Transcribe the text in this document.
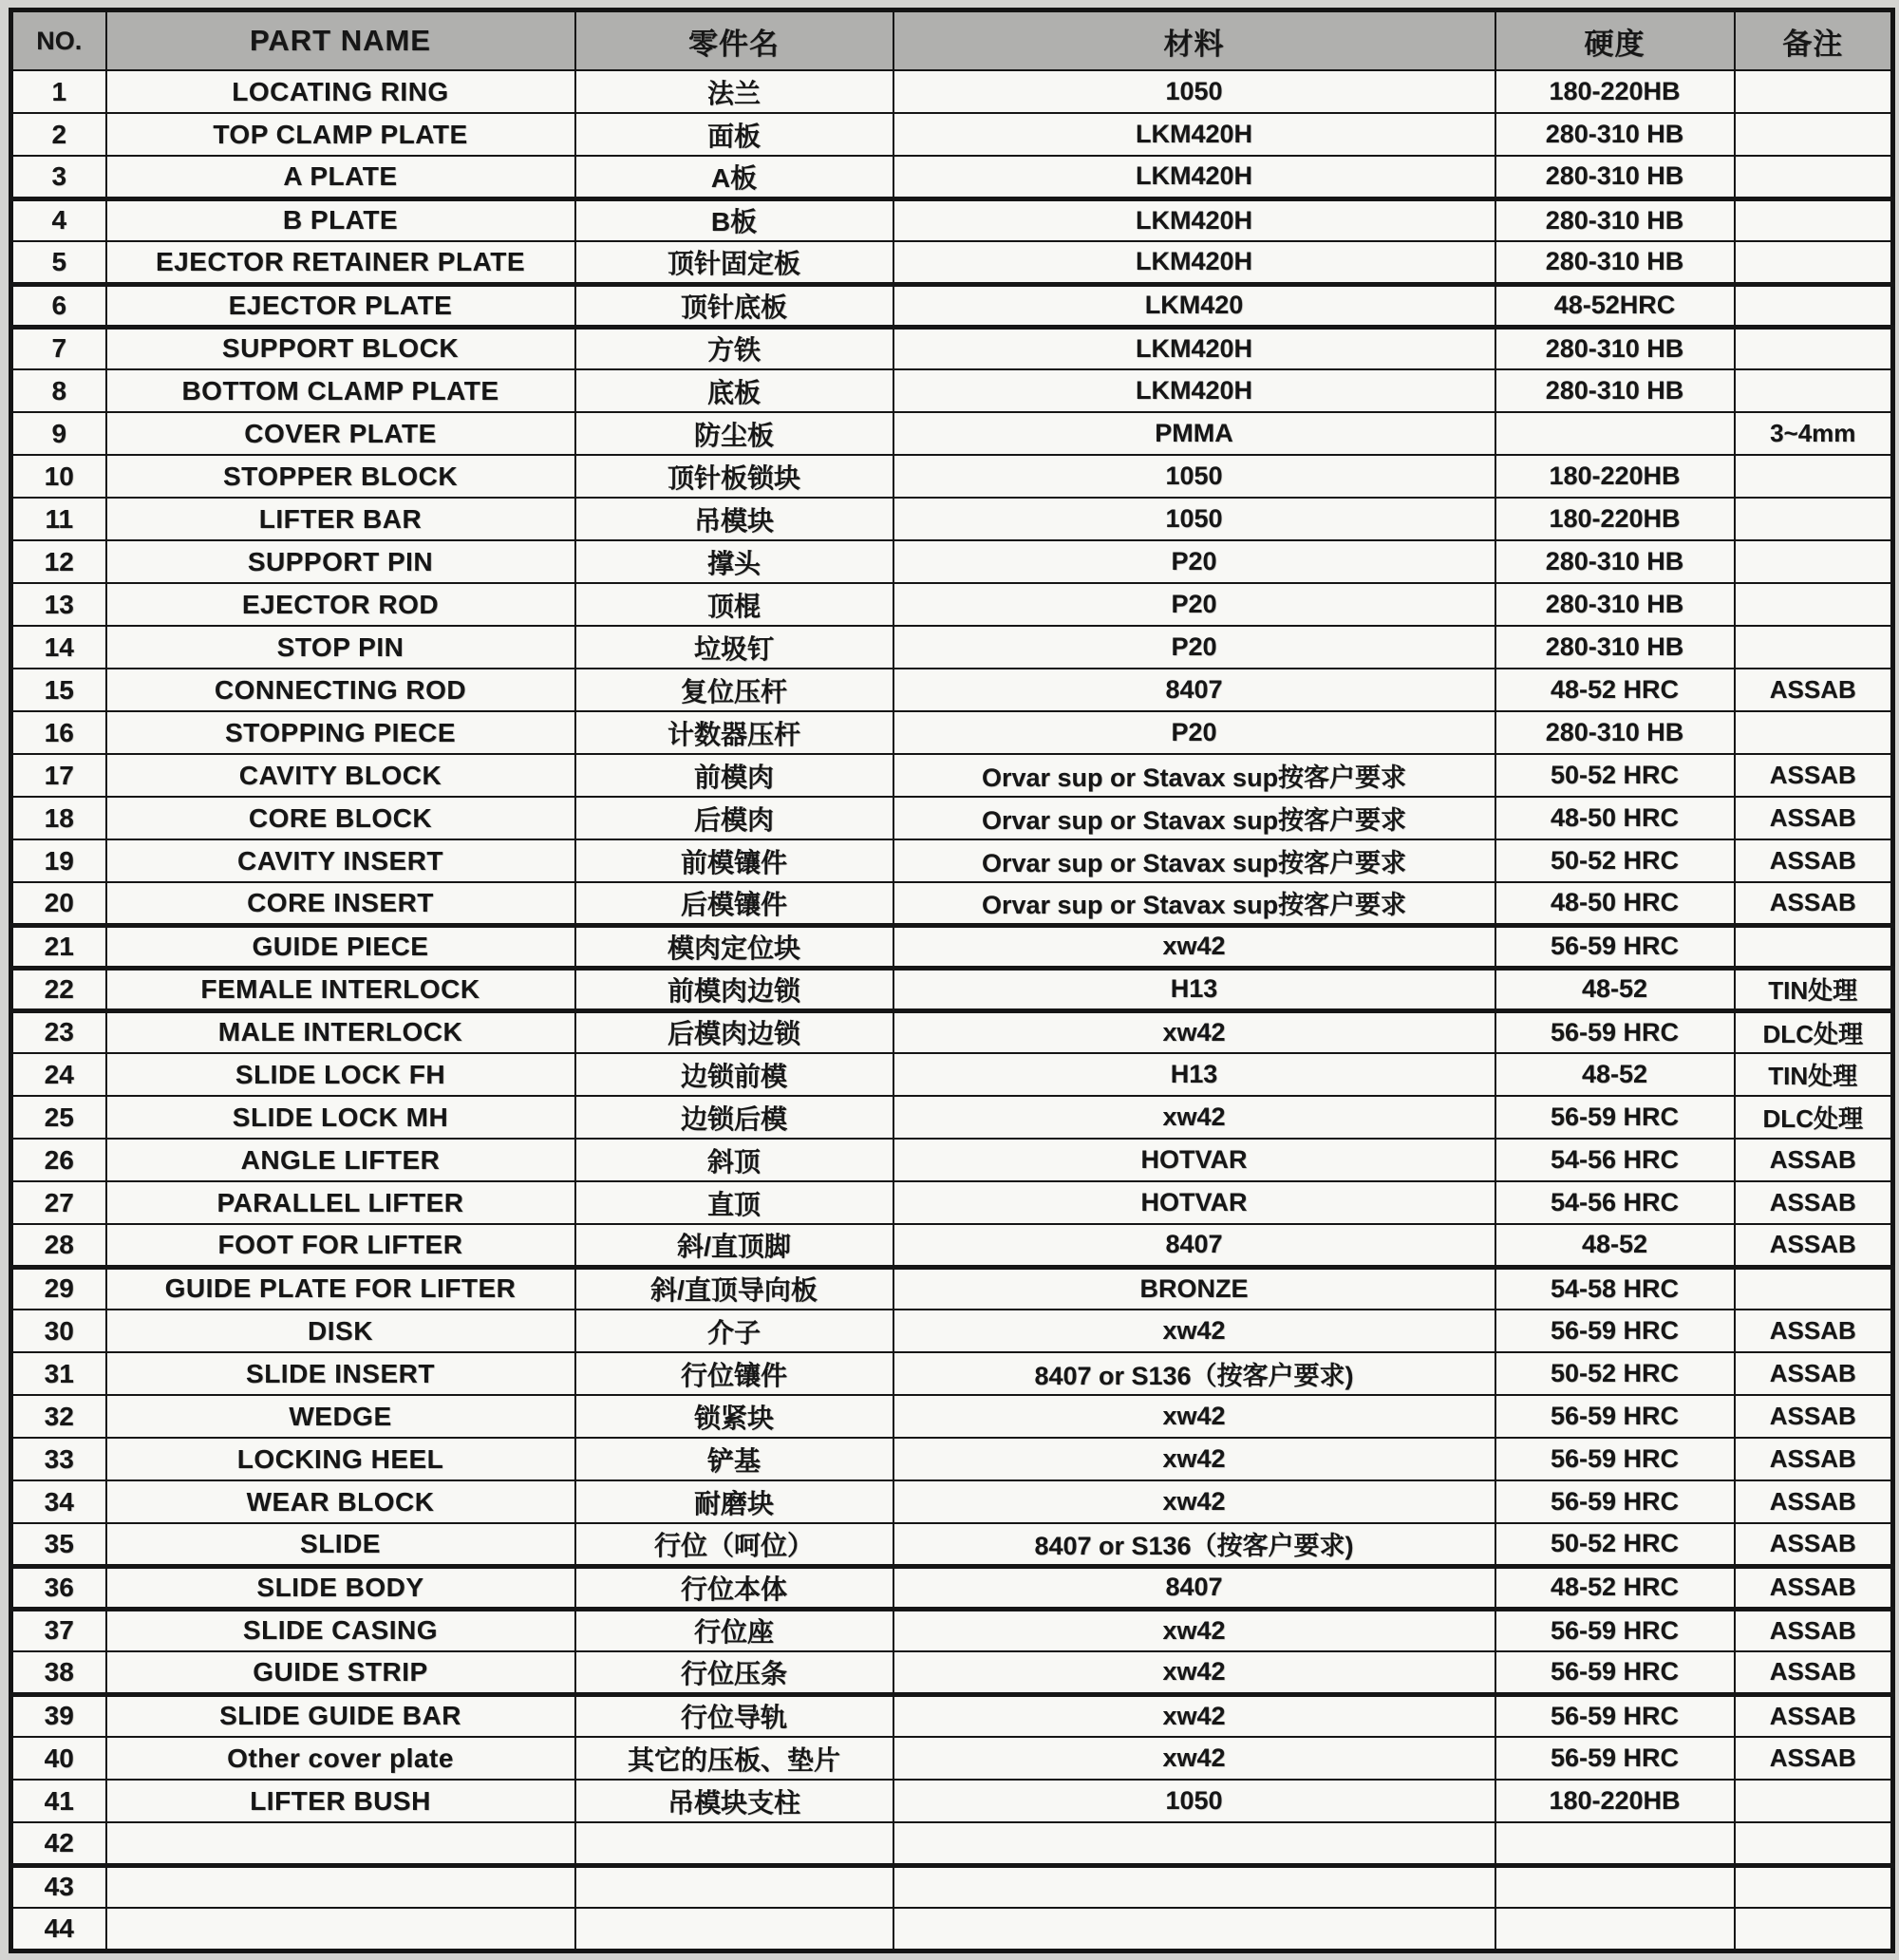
NO.	PART NAME	零件名	材料	硬度	备注
1	LOCATING RING	法兰	1050	180-220HB	
2	TOP CLAMP PLATE	面板	LKM420H	280-310 HB	
3	A PLATE	A板	LKM420H	280-310 HB	
4	B PLATE	B板	LKM420H	280-310 HB	
5	EJECTOR RETAINER PLATE	顶针固定板	LKM420H	280-310 HB	
6	EJECTOR PLATE	顶针底板	LKM420	48-52HRC	
7	SUPPORT BLOCK	方铁	LKM420H	280-310 HB	
8	BOTTOM CLAMP PLATE	底板	LKM420H	280-310 HB	
9	COVER PLATE	防尘板	PMMA		3~4mm
10	STOPPER BLOCK	顶针板锁块	1050	180-220HB	
11	LIFTER BAR	吊模块	1050	180-220HB	
12	SUPPORT PIN	撑头	P20	280-310 HB	
13	EJECTOR ROD	顶棍	P20	280-310 HB	
14	STOP PIN	垃圾钉	P20	280-310 HB	
15	CONNECTING ROD	复位压杆	8407	48-52 HRC	ASSAB
16	STOPPING PIECE	计数器压杆	P20	280-310 HB	
17	CAVITY BLOCK	前模肉	Orvar sup or Stavax sup按客户要求	50-52 HRC	ASSAB
18	CORE BLOCK	后模肉	Orvar sup or Stavax sup按客户要求	48-50 HRC	ASSAB
19	CAVITY INSERT	前模镶件	Orvar sup or Stavax sup按客户要求	50-52 HRC	ASSAB
20	CORE INSERT	后模镶件	Orvar sup or Stavax sup按客户要求	48-50 HRC	ASSAB
21	GUIDE PIECE	模肉定位块	xw42	56-59 HRC	
22	FEMALE INTERLOCK	前模肉边锁	H13	48-52	TIN处理
23	MALE INTERLOCK	后模肉边锁	xw42	56-59 HRC	DLC处理
24	SLIDE LOCK FH	边锁前模	H13	48-52	TIN处理
25	SLIDE LOCK MH	边锁后模	xw42	56-59 HRC	DLC处理
26	ANGLE LIFTER	斜顶	HOTVAR	54-56 HRC	ASSAB
27	PARALLEL LIFTER	直顶	HOTVAR	54-56 HRC	ASSAB
28	FOOT FOR LIFTER	斜/直顶脚	8407	48-52	ASSAB
29	GUIDE PLATE FOR LIFTER	斜/直顶导向板	BRONZE	54-58 HRC	
30	DISK	介子	xw42	56-59 HRC	ASSAB
31	SLIDE INSERT	行位镶件	8407 or S136（按客户要求)	50-52 HRC	ASSAB
32	WEDGE	锁紧块	xw42	56-59 HRC	ASSAB
33	LOCKING HEEL	铲基	xw42	56-59 HRC	ASSAB
34	WEAR BLOCK	耐磨块	xw42	56-59 HRC	ASSAB
35	SLIDE	行位（呵位）	8407 or S136（按客户要求)	50-52 HRC	ASSAB
36	SLIDE BODY	行位本体	8407	48-52 HRC	ASSAB
37	SLIDE CASING	行位座	xw42	56-59 HRC	ASSAB
38	GUIDE STRIP	行位压条	xw42	56-59 HRC	ASSAB
39	SLIDE GUIDE BAR	行位导轨	xw42	56-59 HRC	ASSAB
40	Other cover plate	其它的压板、垫片	xw42	56-59 HRC	ASSAB
41	LIFTER BUSH	吊模块支柱	1050	180-220HB	
42					
43					
44					
